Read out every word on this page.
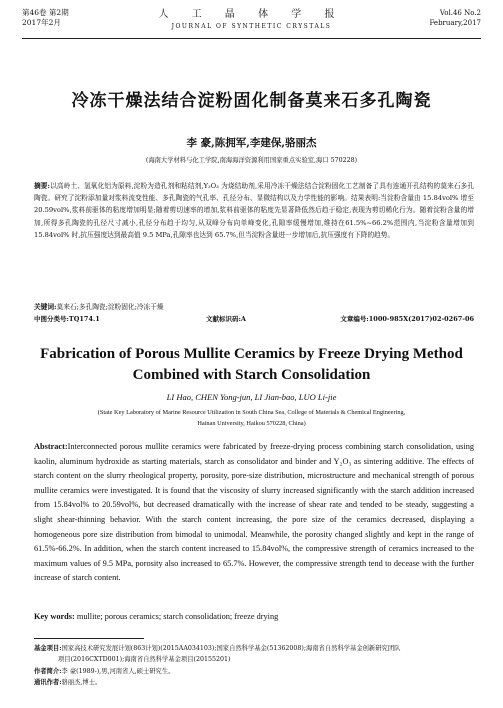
第46卷 第2期
2017年2月
人 工 晶 体 学 报
JOURNAL OF SYNTHETIC CRYSTALS
Vol.46 No.2
February,2017
冷冻干燥法结合淀粉固化制备莫来石多孔陶瓷
李 豪,陈拥军,李建保,骆丽杰
(海南大学材料与化工学院,南海海洋资源利用国家重点实验室,海口 570228)
摘要:以高岭土、氢氧化铝为原料,淀粉为造孔剂和粘结剂,Y₂O₃ 为烧结助剂,采用冷冻干燥法结合淀粉固化工艺制备了具有连通开孔结构的莫来石多孔陶瓷。研究了淀粉添加量对浆料流变性能、多孔陶瓷的气孔率、孔径分布、显微结构以及力学性能的影响。结果表明:当淀粉含量由 15.84vol% 增至 20.59vol%,浆料前驱体的粘度增加明显;随着剪切速率的增加,浆料前驱体的粘度先显著降低然后趋于稳定,表现为剪切稀化行为。随着淀粉含量的增加,所得多孔陶瓷的孔径尺寸减小,孔径分布趋于均匀,从双峰分布向单峰变化,孔隙率缓慢增加,维持在61.5%~66.2%范围内,当淀粉含量增加到 15.84vol% 时,抗压强度达到最高值 9.5 MPa,孔隙率也达到 65.7%,但当淀粉含量进一步增加后,抗压强度有下降的趋势。
关键词:莫来石;多孔陶瓷;淀粉固化;冷冻干燥
中图分类号:TQ174.1	文献标识码:A	文章编号:1000-985X(2017)02-0267-06
Fabrication of Porous Mullite Ceramics by Freeze Drying Method
Combined with Starch Consolidation
LI Hao, CHEN Yong-jun, LI Jian-bao, LUO Li-jie
(State Key Laboratory of Marine Resource Utilization in South China Sea, College of Materials & Chemical Engineering,
Hainan University, Haikou 570228, China)
Abstract:Interconnected porous mullite ceramics were fabricated by freeze-drying process combining starch consolidation, using kaolin, aluminum hydroxide as starting materials, starch as consolidator and binder and Y₂O₃ as sintering additive. The effects of starch content on the slurry rheological property, porosity, pore-size distribution, microstructure and mechanical strength of porous mullite ceramics were investigated. It is found that the viscosity of slurry increased significantly with the starch addition increased from 15.84vol% to 20.59vol%, but decreased dramatically with the increase of shear rate and tended to be steady, suggesting a slight shear-thinning behavior. With the starch content increasing, the pore size of the ceramics decreased, displaying a homogeneous pore size distribution from bimodal to unimodal. Meanwhile, the porosity changed slightly and kept in the range of 61.5%-66.2%. In addition, when the starch content increased to 15.84vol%, the compressive strength of ceramics increased to the maximum values of 9.5 MPa, porosity also increased to 65.7%. However, the compressive strength tend to decease with the further increase of starch content.
Key words: mullite; porous ceramics; starch consolidation; freeze drying
基金项目:国家高技术研究发展计划(863计划)(2015AA034103);国家自然科学基金(51362008);海南省自然科学基金创新研究团队
项目(2016CXTD001);海南省自然科学基金项目(20155201)
作者简介:李 豪(1989-),男,河南省人,硕士研究生。
通讯作者:骆丽杰,博士。
